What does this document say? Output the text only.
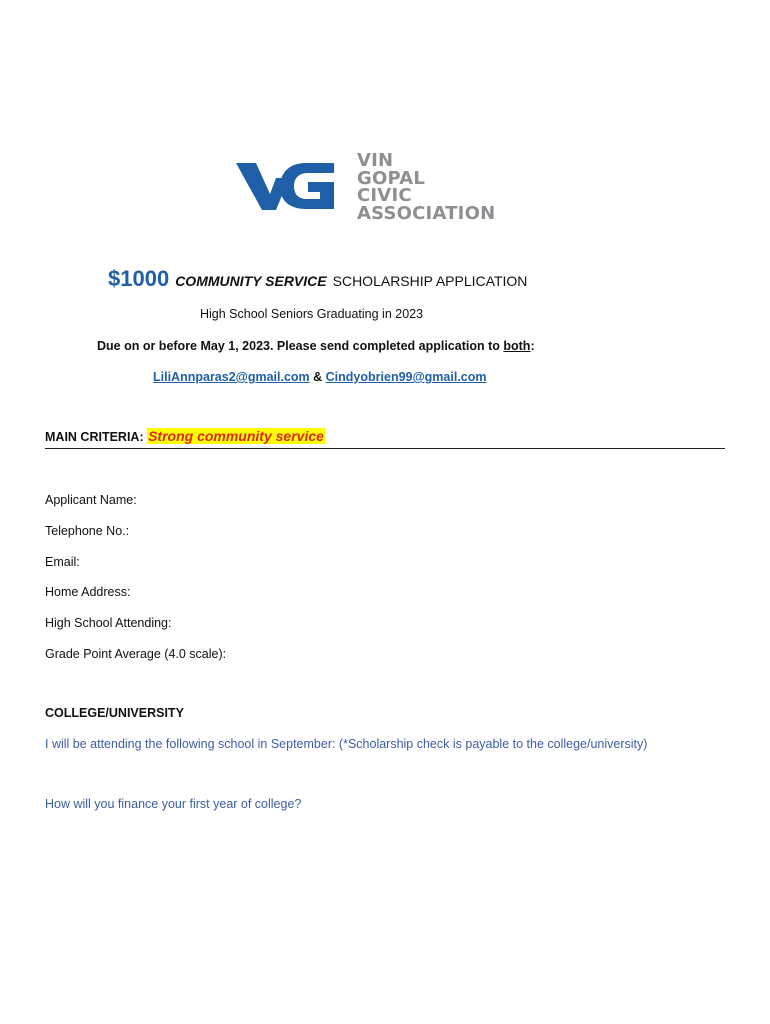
VIN
GOPAL
CIVIC
ASSOCIATION
$1000 COMMUNITY SERVICE SCHOLARSHIP APPLICATION
High School Seniors Graduating in 2023
Due on or before May 1, 2023. Please send completed application to both:
LiliAnnparas2@gmail.com & Cindyobrien99@gmail.com
MAIN CRITERIA: Strong community service
Applicant Name:
Telephone No.:
Email:
Home Address:
High School Attending:
Grade Point Average (4.0 scale):
COLLEGE/UNIVERSITY
I will be attending the following school in September: (*Scholarship check is payable to the college/university)
How will you finance your first year of college?
